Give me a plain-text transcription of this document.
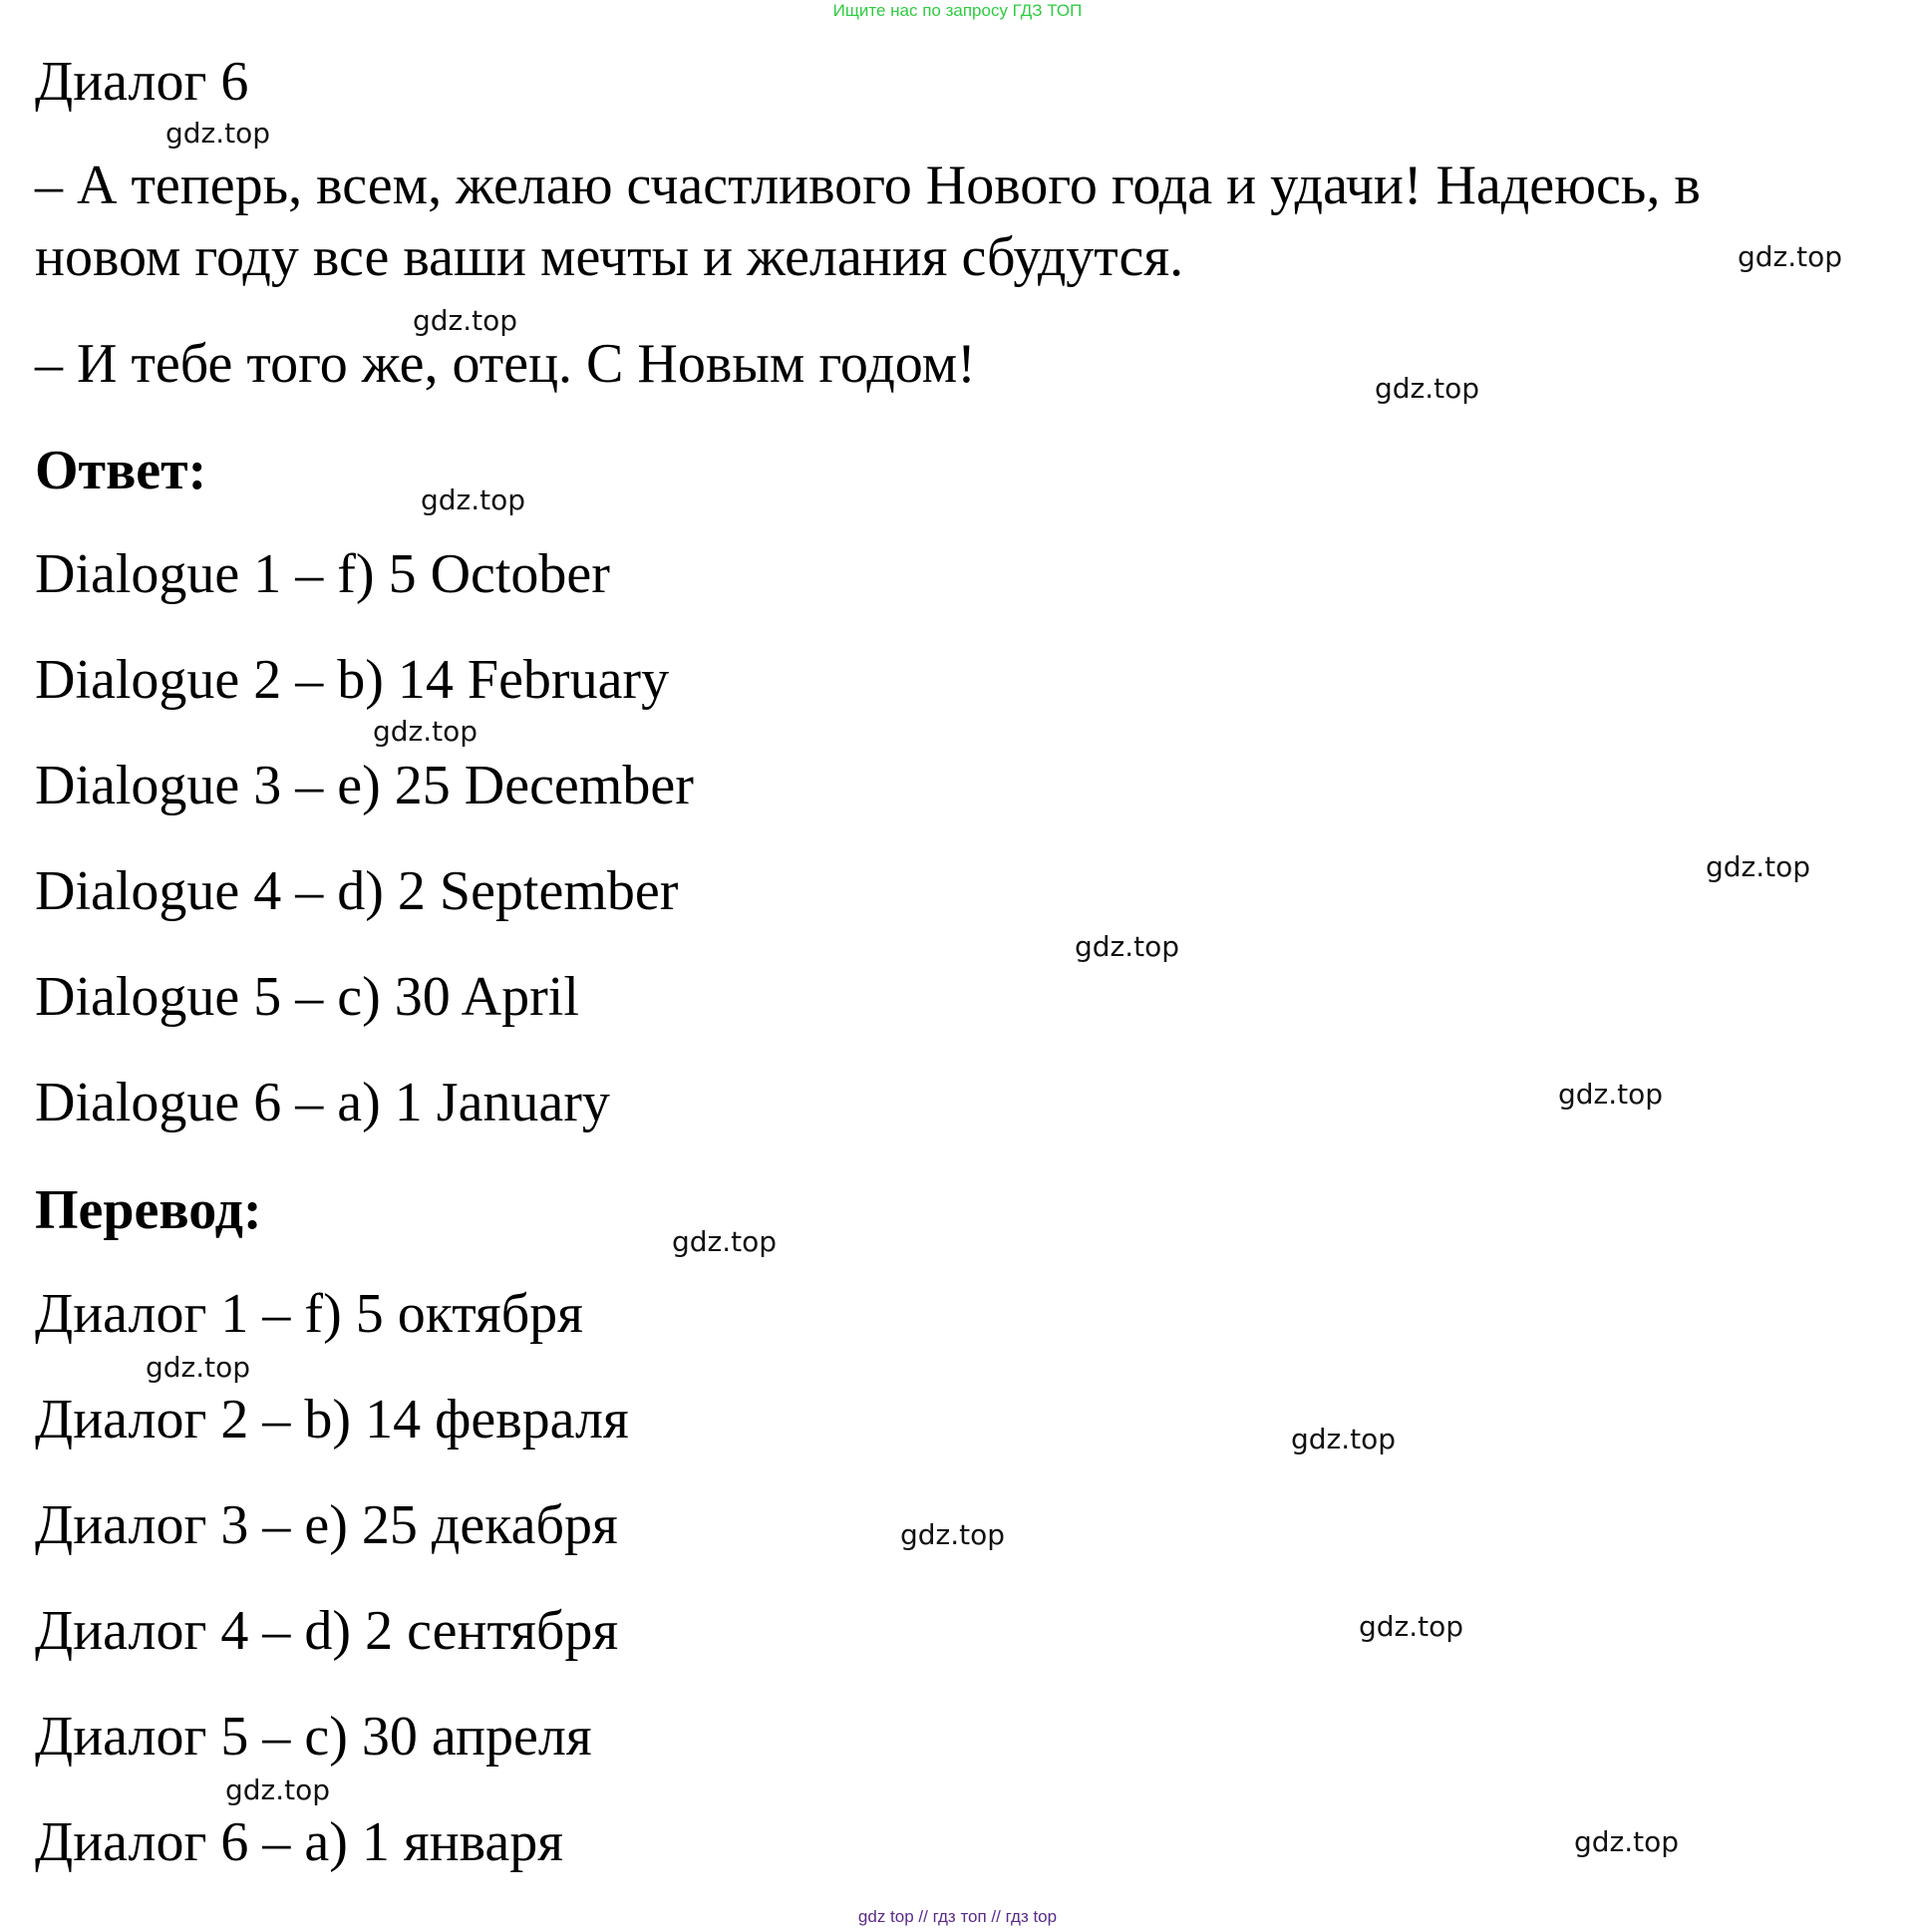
Ищите нас по запросу ГДЗ ТОП
Диалог 6
– А теперь, всем, желаю счастливого Нового года и удачи! Надеюсь, в
новом году все ваши мечты и желания сбудутся.
– И тебе того же, отец. С Новым годом!
Ответ:
Dialogue 1 – f) 5 October
Dialogue 2 – b) 14 February
Dialogue 3 – e) 25 December
Dialogue 4 – d) 2 September
Dialogue 5 – c) 30 April
Dialogue 6 – a) 1 January
Перевод:
Диалог 1 – f) 5 октября
Диалог 2 – b) 14 февраля
Диалог 3 – e) 25 декабря
Диалог 4 – d) 2 сентября
Диалог 5 – c) 30 апреля
Диалог 6 – a) 1 января
gdz.top
gdz.top
gdz.top
gdz.top
gdz.top
gdz.top
gdz.top
gdz.top
gdz.top
gdz.top
gdz.top
gdz.top
gdz.top
gdz.top
gdz.top
gdz.top
gdz top // гдз топ // гдз top
